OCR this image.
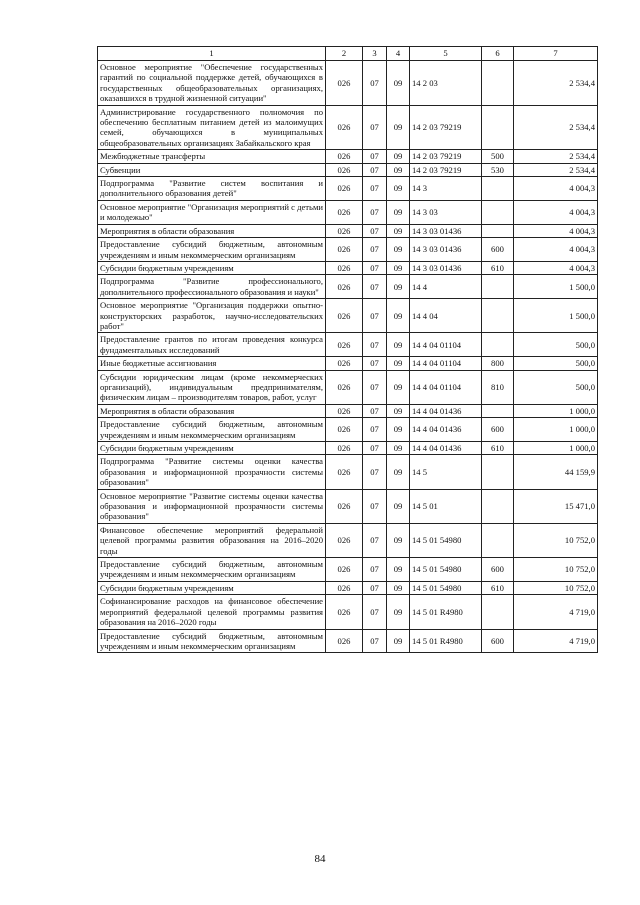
1	2	3	4	5	6	7
Основное мероприятие "Обеспечение государственных гарантий по социальной поддержке детей, обучающихся в государственных общеобразовательных организациях, оказавшихся в трудной жизненной ситуации"	026	07	09	14 2 03		2 534,4
Администрирование государственного полномочия по обеспечению бесплатным питанием детей из малоимущих семей, обучающихся в муниципальных общеобразовательных организациях Забайкальского края	026	07	09	14 2 03 79219		2 534,4
Межбюджетные трансферты	026	07	09	14 2 03 79219	500	2 534,4
Субвенции	026	07	09	14 2 03 79219	530	2 534,4
Подпрограмма "Развитие систем воспитания и дополнительного образования детей"	026	07	09	14 3		4 004,3
Основное мероприятие "Организация мероприятий с детьми и молодежью"	026	07	09	14 3 03		4 004,3
Мероприятия в области образования	026	07	09	14 3 03 01436		4 004,3
Предоставление субсидий бюджетным, автономным учреждениям и иным некоммерческим организациям	026	07	09	14 3 03 01436	600	4 004,3
Субсидии бюджетным учреждениям	026	07	09	14 3 03 01436	610	4 004,3
Подпрограмма "Развитие профессионального, дополнительного профессионального образования и науки"	026	07	09	14 4		1 500,0
Основное мероприятие "Организация поддержки опытно-конструкторских разработок, научно-исследовательских работ"	026	07	09	14 4 04		1 500,0
Предоставление грантов по итогам проведения конкурса фундаментальных исследований	026	07	09	14 4 04 01104		500,0
Иные бюджетные ассигнования	026	07	09	14 4 04 01104	800	500,0
Субсидии юридическим лицам (кроме некоммерческих организаций), индивидуальным предпринимателям, физическим лицам – производителям товаров, работ, услуг	026	07	09	14 4 04 01104	810	500,0
Мероприятия в области образования	026	07	09	14 4 04 01436		1 000,0
Предоставление субсидий бюджетным, автономным учреждениям и иным некоммерческим организациям	026	07	09	14 4 04 01436	600	1 000,0
Субсидии бюджетным учреждениям	026	07	09	14 4 04 01436	610	1 000,0
Подпрограмма "Развитие системы оценки качества образования и информационной прозрачности системы образования"	026	07	09	14 5		44 159,9
Основное мероприятие "Развитие системы оценки качества образования и информационной прозрачности системы образования"	026	07	09	14 5 01		15 471,0
Финансовое обеспечение мероприятий федеральной целевой программы развития образования на 2016–2020 годы	026	07	09	14 5 01 54980		10 752,0
Предоставление субсидий бюджетным, автономным учреждениям и иным некоммерческим организациям	026	07	09	14 5 01 54980	600	10 752,0
Субсидии бюджетным учреждениям	026	07	09	14 5 01 54980	610	10 752,0
Софинансирование расходов на финансовое обеспечение мероприятий федеральной целевой программы развития образования на 2016–2020 годы	026	07	09	14 5 01 R4980		4 719,0
Предоставление субсидий бюджетным, автономным учреждениям и иным некоммерческим организациям	026	07	09	14 5 01 R4980	600	4 719,0
84
